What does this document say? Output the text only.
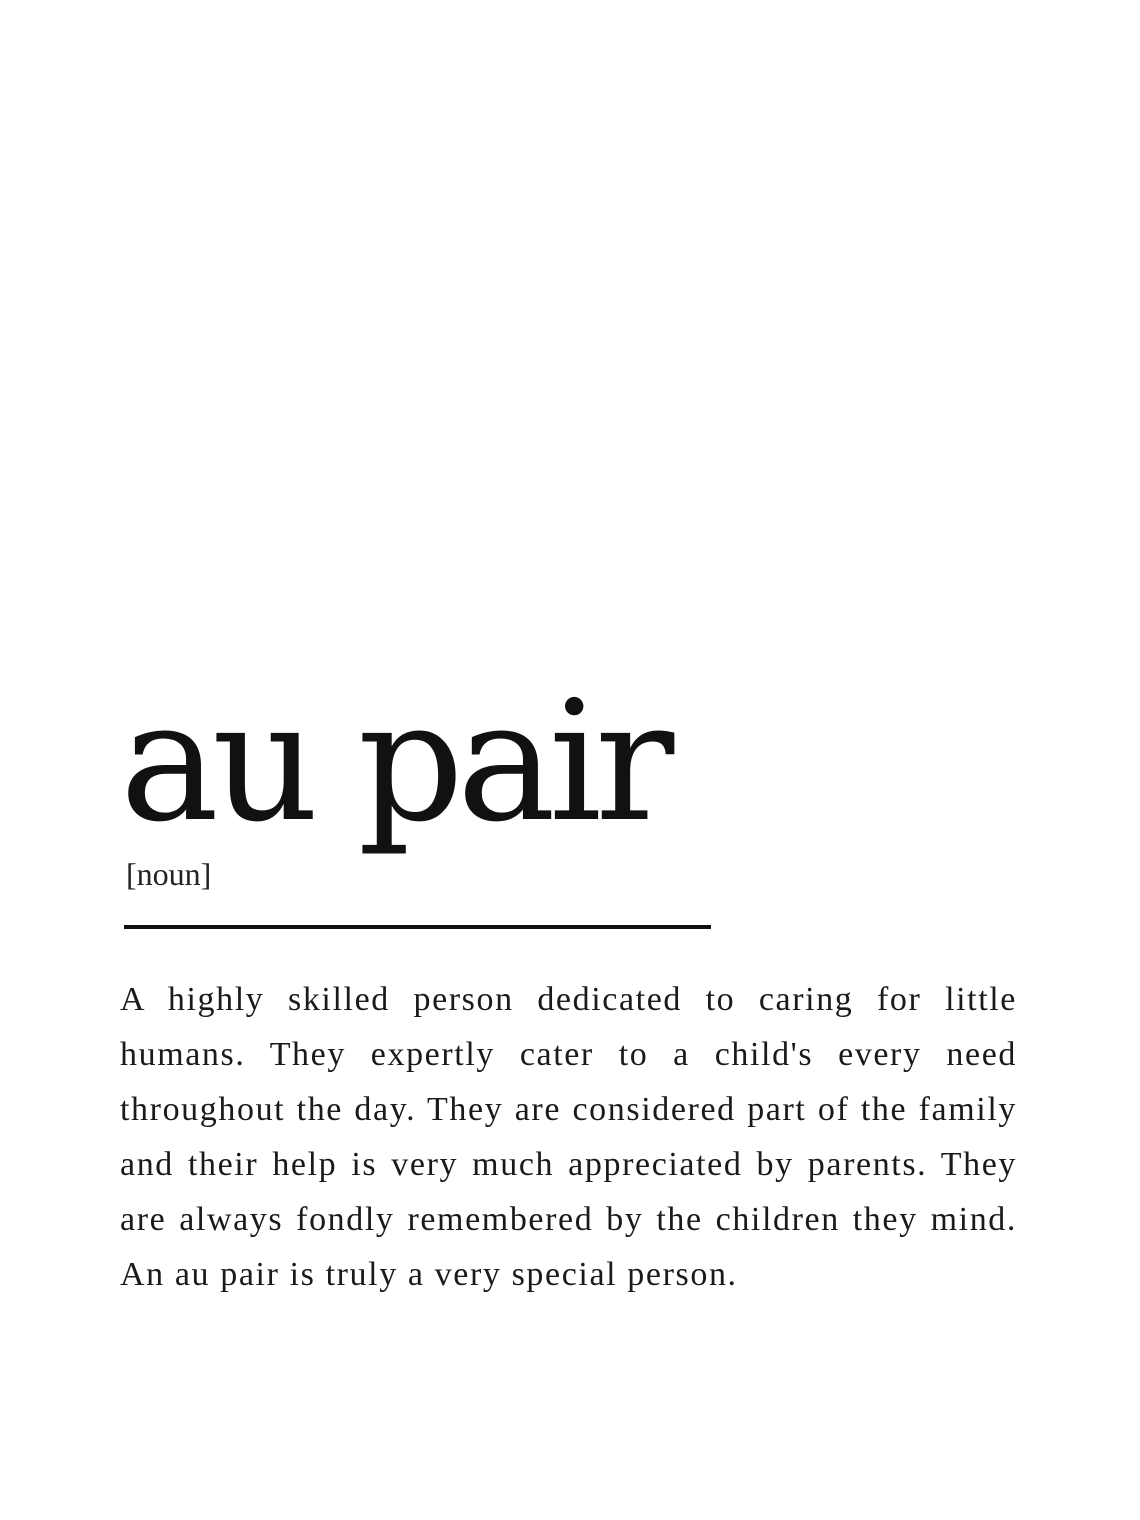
au pair
[noun]

A highly skilled person dedicated to caring for little humans. They expertly cater to a child's every need throughout the day. They are considered part of the family and their help is very much appreciated by parents. They are always fondly remembered by the children they mind. An au pair is truly a very special person.
